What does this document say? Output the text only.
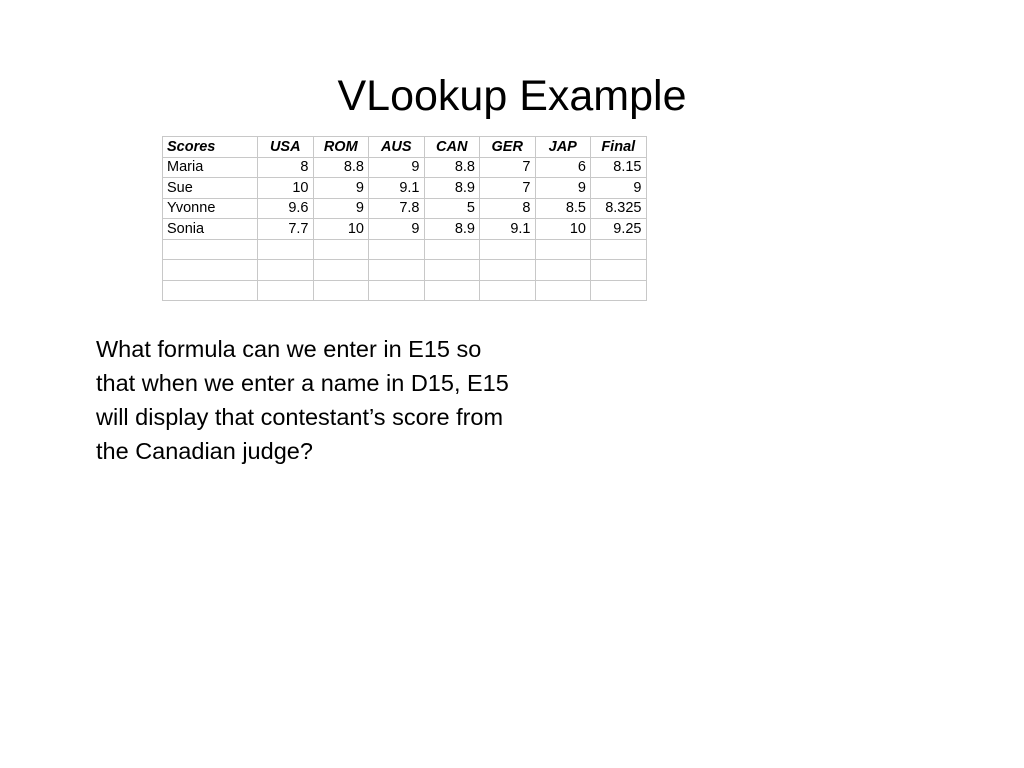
VLookup Example
Scores	USA	ROM	AUS	CAN	GER	JAP	Final
Maria	8	8.8	9	8.8	7	6	8.15
Sue	10	9	9.1	8.9	7	9	9
Yvonne	9.6	9	7.8	5	8	8.5	8.325
Sonia	7.7	10	9	8.9	9.1	10	9.25

What formula can we enter in E15 so
that when we enter a name in D15, E15
will display that contestant’s score from
the Canadian judge?
